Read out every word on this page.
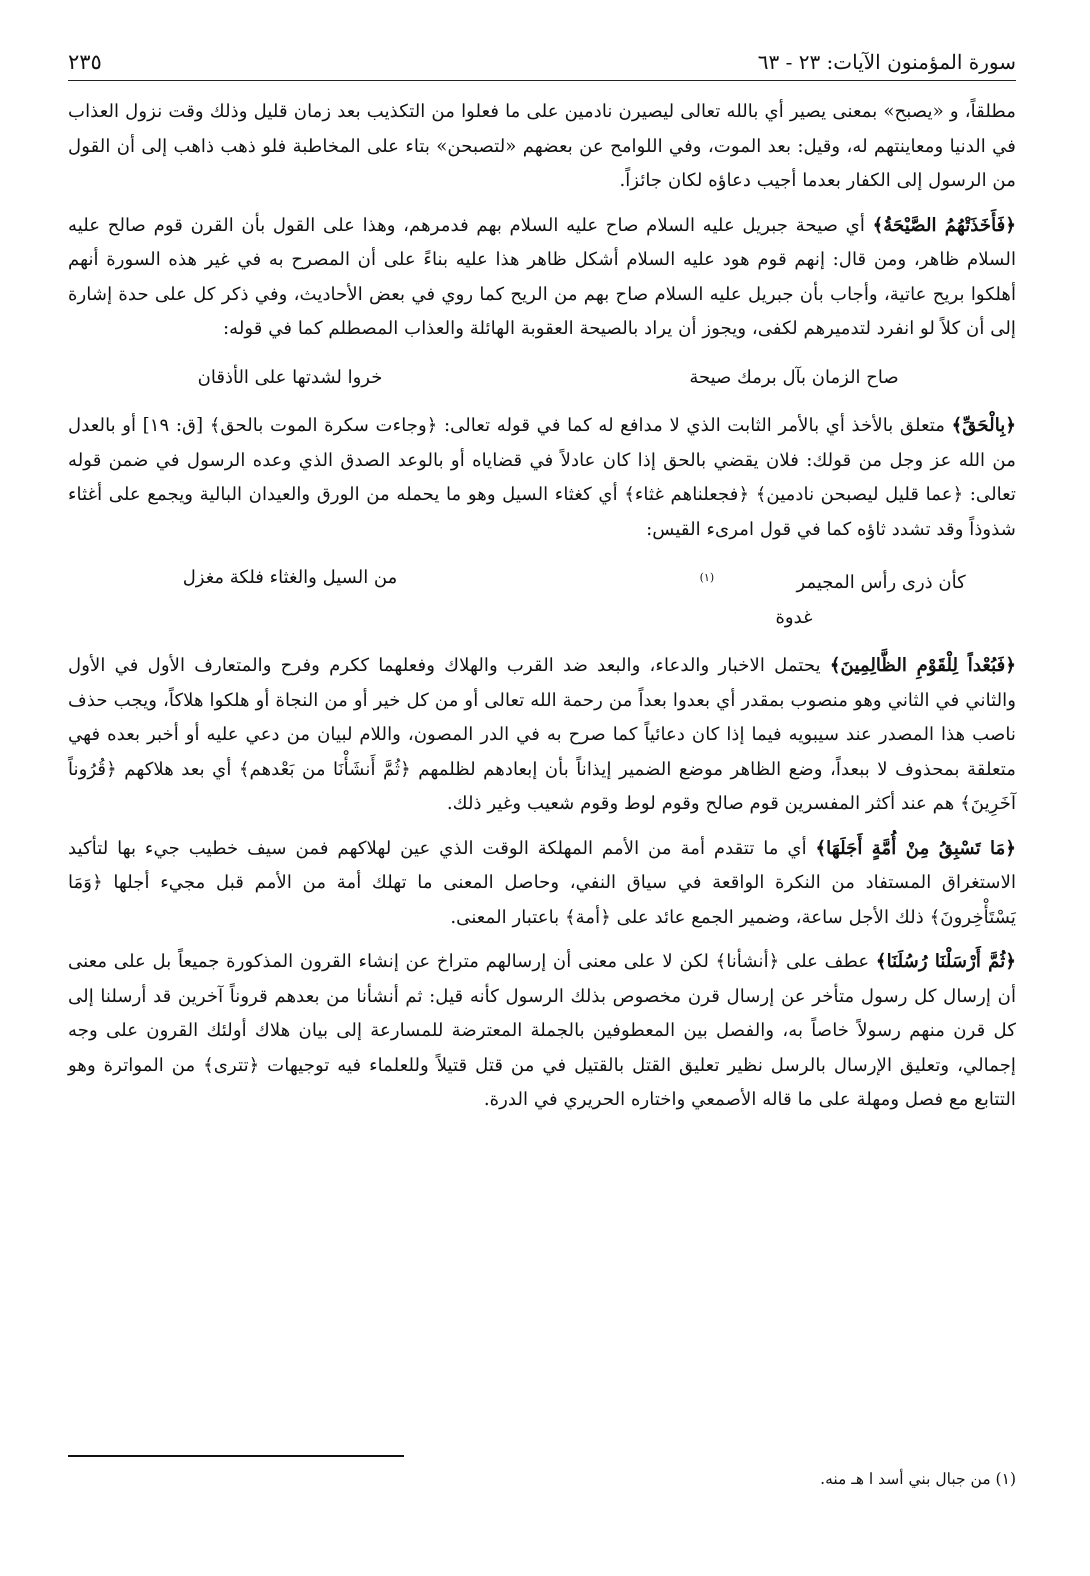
سورة المؤمنون الآيات: ٢٣ - ٦٣
٢٣٥

مطلقاً، و «يصبح» بمعنى يصير أي بالله تعالى ليصيرن نادمين على ما فعلوا من التكذيب بعد زمان قليل وذلك وقت نزول العذاب في الدنيا ومعاينتهم له، وقيل: بعد الموت، وفي اللوامح عن بعضهم «لتصبحن» بتاء على المخاطبة فلو ذهب ذاهب إلى أن القول من الرسول إلى الكفار بعدما أجيب دعاؤه لكان جائزاً.

﴿فَأَخَذَتْهُمُ الصَّيْحَةُ﴾ أي صيحة جبريل عليه السلام صاح عليه السلام بهم فدمرهم، وهذا على القول بأن القرن قوم صالح عليه السلام ظاهر، ومن قال: إنهم قوم هود عليه السلام أشكل ظاهر هذا عليه بناءً على أن المصرح به في غير هذه السورة أنهم أهلكوا بريح عاتية، وأجاب بأن جبريل عليه السلام صاح بهم من الريح كما روي في بعض الأحاديث، وفي ذكر كل على حدة إشارة إلى أن كلاً لو انفرد لتدميرهم لكفى، ويجوز أن يراد بالصيحة العقوبة الهائلة والعذاب المصطلم كما في قوله:

صاح الزمان بآل برمك صيحة
خروا لشدتها على الأذقان

﴿بِالْحَقِّ﴾ متعلق بالأخذ أي بالأمر الثابت الذي لا مدافع له كما في قوله تعالى: ﴿وجاءت سكرة الموت بالحق﴾ [ق: ١٩] أو بالعدل من الله عز وجل من قولك: فلان يقضي بالحق إذا كان عادلاً في قضاياه أو بالوعد الصدق الذي وعده الرسول في ضمن قوله تعالى: ﴿عما قليل ليصبحن نادمين﴾ ﴿فجعلناهم غثاء﴾ أي كغثاء السيل وهو ما يحمله من الورق والعيدان البالية ويجمع على أغثاء شذوذاً وقد تشدد ثاؤه كما في قول امرىء القيس:

كأن ذرى رأس المجيمر(١)غدوة
من السيل والغثاء فلكة مغزل

﴿فَبُعْداً لِلْقَوْمِ الظَّالِمِينَ﴾ يحتمل الاخبار والدعاء، والبعد ضد القرب والهلاك وفعلهما ككرم وفرح والمتعارف الأول في الأول والثاني في الثاني وهو منصوب بمقدر أي بعدوا بعداً من رحمة الله تعالى أو من كل خير أو من النجاة أو هلكوا هلاكاً، ويجب حذف ناصب هذا المصدر عند سيبويه فيما إذا كان دعائياً كما صرح به في الدر المصون، واللام لبيان من دعي عليه أو أخبر بعده فهي متعلقة بمحذوف لا ببعداً، وضع الظاهر موضع الضمير إيذاناً بأن إبعادهم لظلمهم ﴿ثُمَّ أَنشَأْنَا من بَعْدهم﴾ أي بعد هلاكهم ﴿قُرُوناً آخَرِينَ﴾ هم عند أكثر المفسرين قوم صالح وقوم لوط وقوم شعيب وغير ذلك.

﴿مَا تَسْبِقُ مِنْ أُمَّةٍ أَجَلَهَا﴾ أي ما تتقدم أمة من الأمم المهلكة الوقت الذي عين لهلاكهم فمن سيف خطيب جيء بها لتأكيد الاستغراق المستفاد من النكرة الواقعة في سياق النفي، وحاصل المعنى ما تهلك أمة من الأمم قبل مجيء أجلها ﴿وَمَا يَسْتَأْخِرونَ﴾ ذلك الأجل ساعة، وضمير الجمع عائد على ﴿أمة﴾ باعتبار المعنى.

﴿ثُمَّ أَرْسَلْنَا رُسُلَنَا﴾ عطف على ﴿أنشأنا﴾ لكن لا على معنى أن إرسالهم متراخ عن إنشاء القرون المذكورة جميعاً بل على معنى أن إرسال كل رسول متأخر عن إرسال قرن مخصوص بذلك الرسول كأنه قيل: ثم أنشأنا من بعدهم قروناً آخرين قد أرسلنا إلى كل قرن منهم رسولاً خاصاً به، والفصل بين المعطوفين بالجملة المعترضة للمسارعة إلى بيان هلاك أولئك القرون على وجه إجمالي، وتعليق الإرسال بالرسل نظير تعليق القتل بالقتيل في من قتل قتيلاً وللعلماء فيه توجيهات ﴿تترى﴾ من المواترة وهو التتابع مع فصل ومهلة على ما قاله الأصمعي واختاره الحريري في الدرة.

(١) من جبال بني أسد ا هـ منه.
